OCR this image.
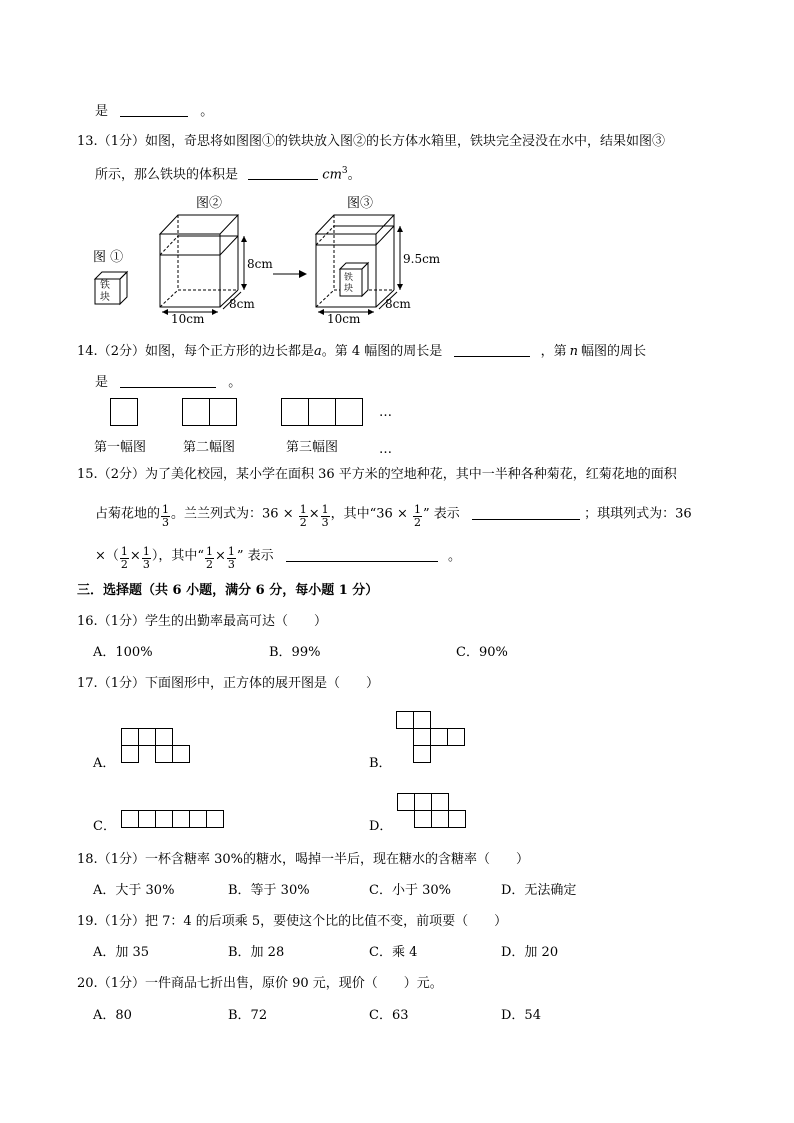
是	。
13.（1分）如图，奇思将如图图①的铁块放入图②的长方体水箱里，铁块完全浸没在水中，结果如图③
所示，那么铁块的体积是	$cm^3$。
图 ①
铁
块
图②
8cm
8cm
10cm
图③
铁
块
9.5cm
8cm
10cm
14.（2分）如图，每个正方形的边长都是a。第 4 幅图的周长是	，第 n 幅图的周长
是	。
…
第一幅图	第二幅图	第三幅图	…
15.（2分）为了美化校园，某小学在面积 36 平方米的空地种花，其中一半种各种菊花，红菊花地的面积
占菊花地的 $\frac{1}{3}$ 。兰兰列式为：$36 \times \frac{1}{2} \times \frac{1}{3}$ ，其中“$36 \times \frac{1}{2}$ ” 表示	；琪琪列式为：36
×（ $\frac{1}{2} \times \frac{1}{3}$ ），其中“ $\frac{1}{2} \times \frac{1}{3}$ ” 表示	。
三．选择题（共 6 小题，满分 6 分，每小题 1 分）
16.（1分）学生的出勤率最高可达（　　）
A．100%	B．99%	C．90%
17.（1分）下面图形中，正方体的展开图是（　　）
A．	B．
C．	D．
18.（1分）一杯含糖率 30%的糖水，喝掉一半后，现在糖水的含糖率（　　）
A．大于 30%	B．等于 30%	C．小于 30%	D．无法确定
19.（1分）把 7：4 的后项乘 5，要使这个比的比值不变，前项要（　　）
A．加 35	B．加 28	C．乘 4	D．加 20
20.（1分）一件商品七折出售，原价 90 元，现价（　　）元。
A．80	B．72	C．63	D．54
